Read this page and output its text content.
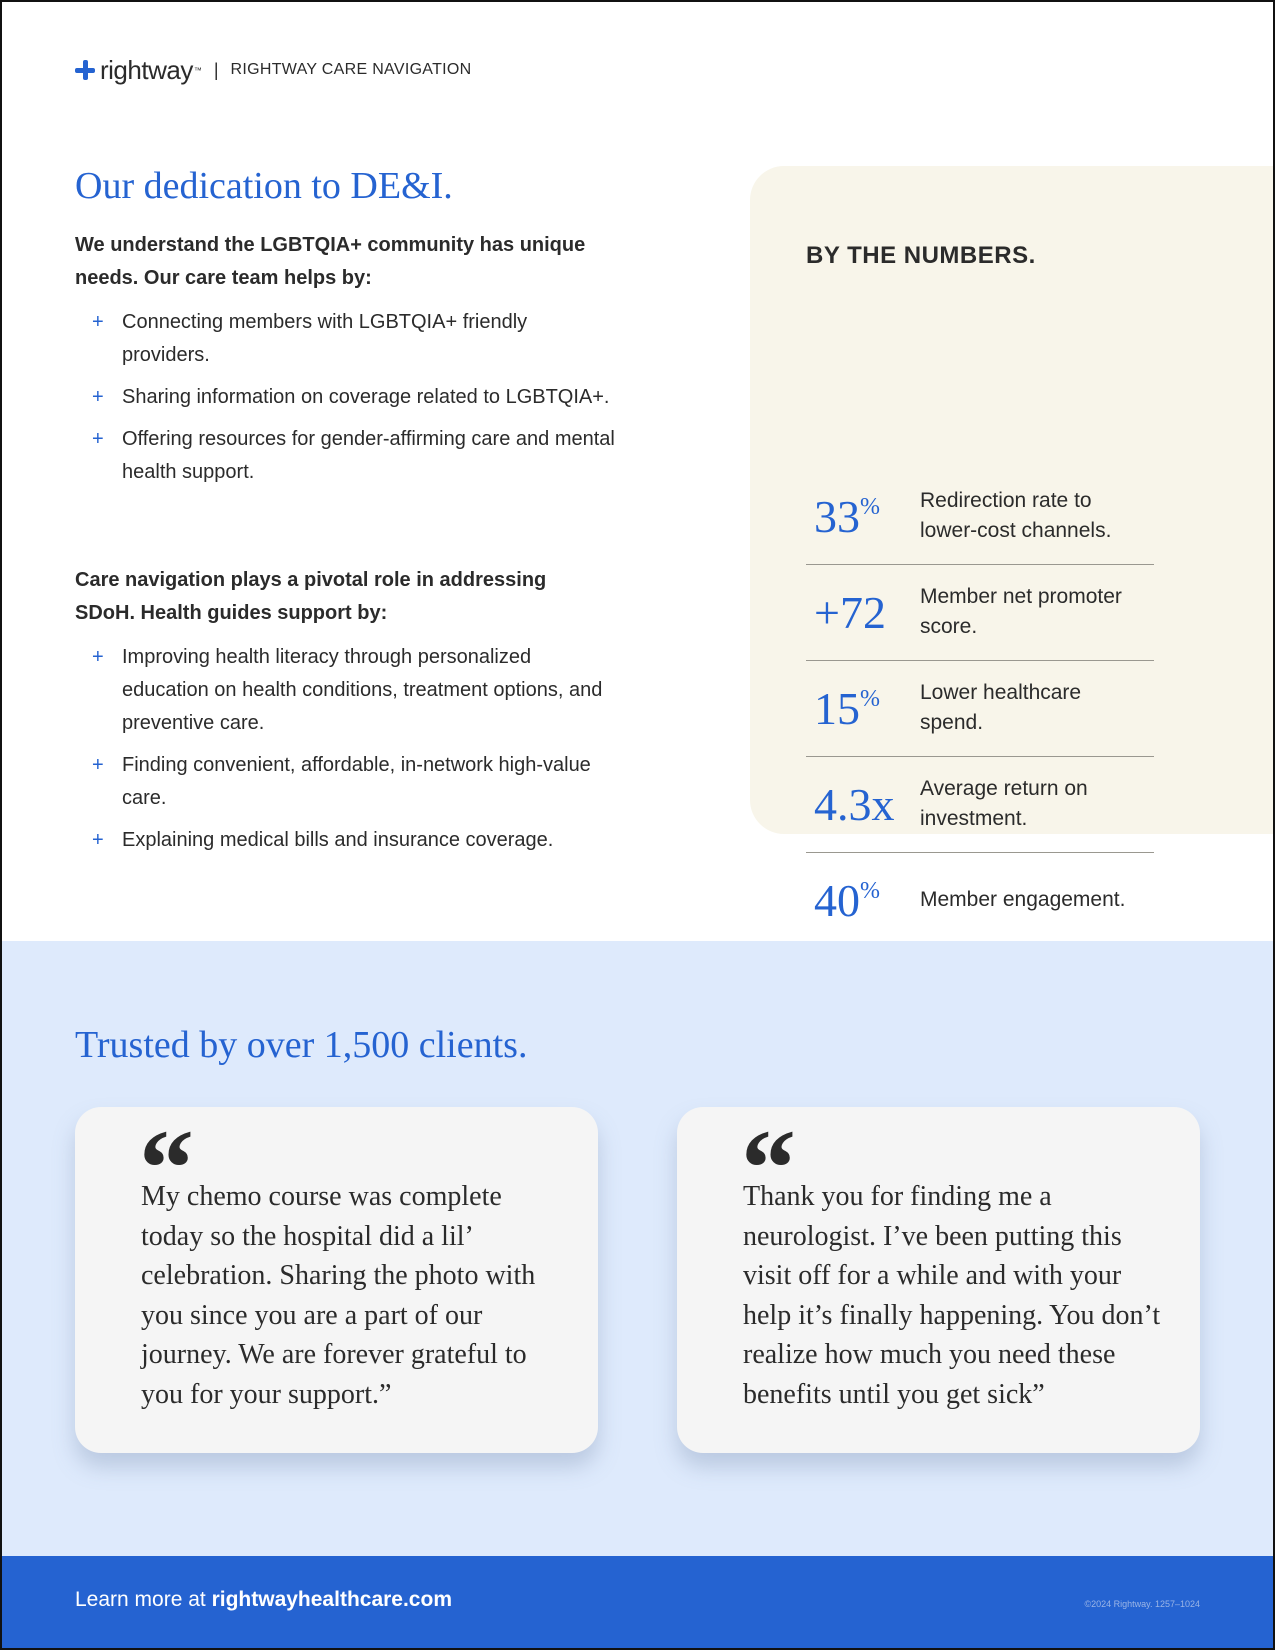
rightway ™ | RIGHTWAY CARE NAVIGATION
Our dedication to DE&I.

We understand the LGBTQIA+ community has unique needs. Our care team helps by:

+ Connecting members with LGBTQIA+ friendly providers.
+ Sharing information on coverage related to LGBTQIA+.
+ Offering resources for gender-affirming care and mental health support.

Care navigation plays a pivotal role in addressing SDoH. Health guides support by:

+ Improving health literacy through personalized education on health conditions, treatment options, and preventive care.
+ Finding convenient, affordable, in-network high-value care.
+ Explaining medical bills and insurance coverage.
BY THE NUMBERS.
33%	Redirection rate to lower-cost channels.
+72	Member net promoter score.
15%	Lower healthcare spend.
4.3x	Average return on investment.
40%	Member engagement.
Trusted by over 1,500 clients.
“

My chemo course was complete today so the hospital did a lil’ celebration. Sharing the photo with you since you are a part of our journey. We are forever grateful to you for your support.”

“

Thank you for finding me a neurologist. I’ve been putting this visit off for a while and with your help it’s finally happening. You don’t realize how much you need these benefits until you get sick”

Learn more at rightwayhealthcare.com	©2024 Rightway. 1257–1024
